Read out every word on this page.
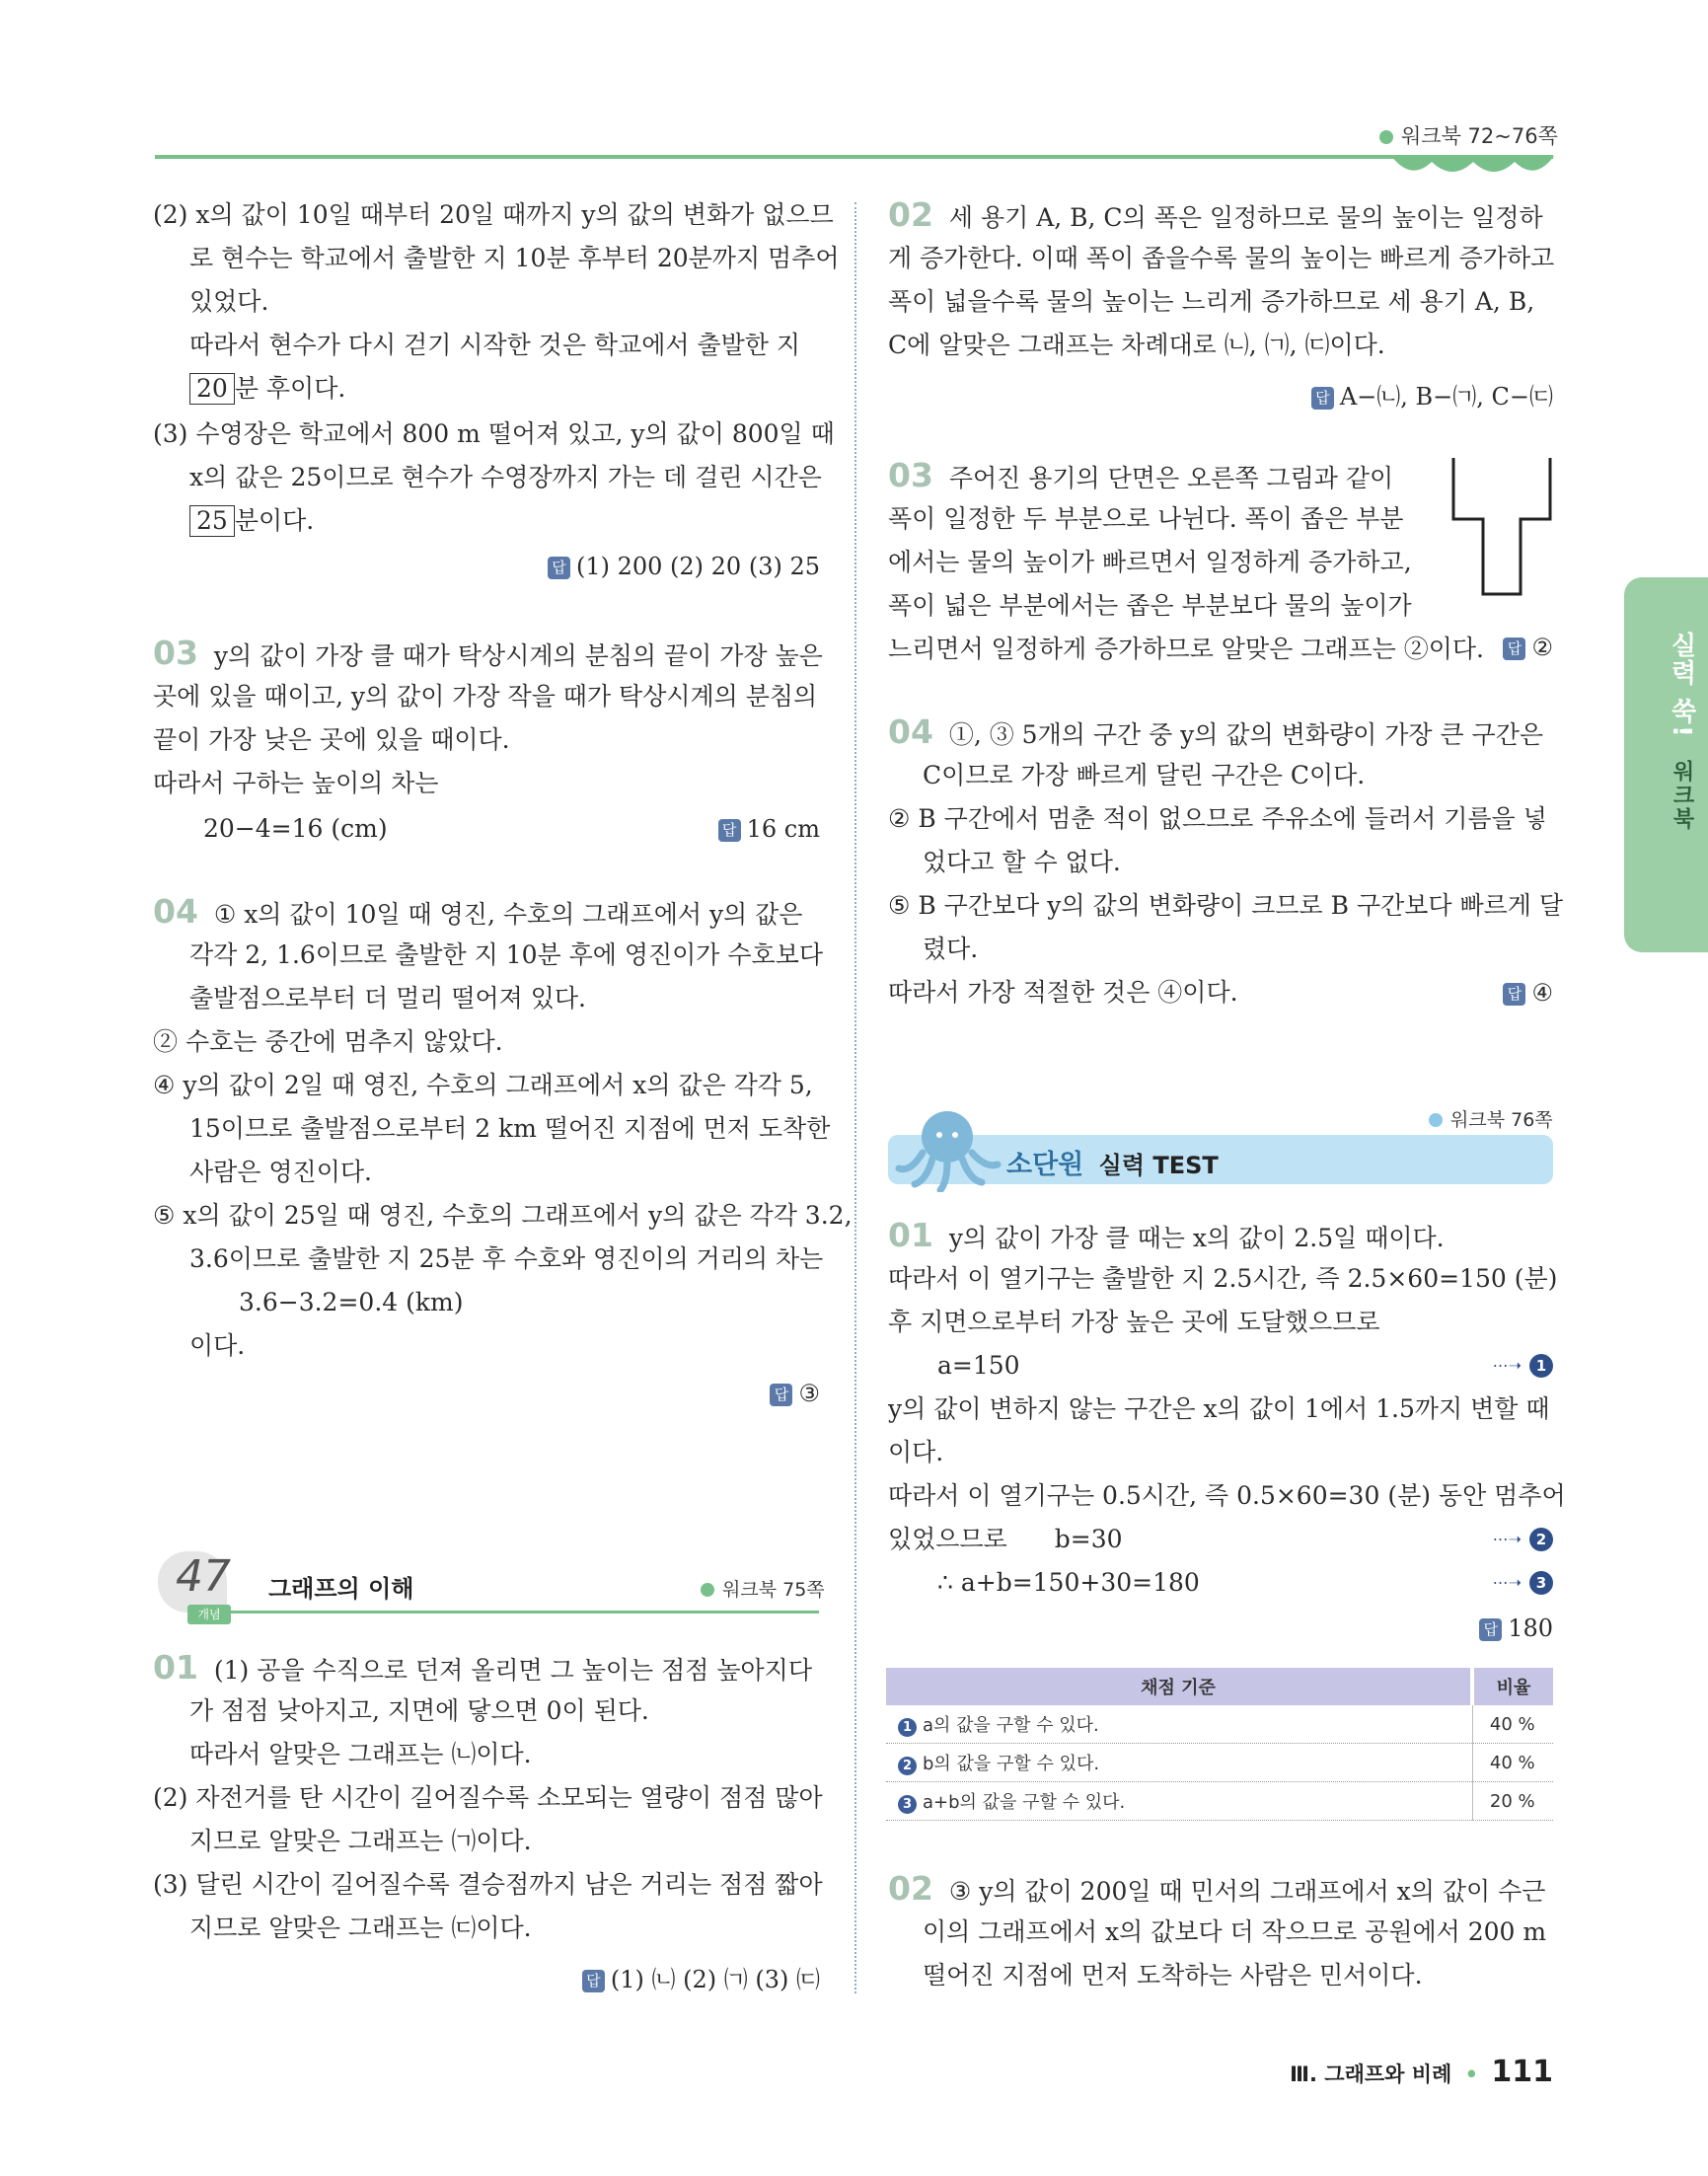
워크북 72~76쪽
실력 쑥! 워크북
(2) x의 값이 10일 때부터 20일 때까지 y의 값의 변화가 없으므
로 현수는 학교에서 출발한 지 10분 후부터 20분까지 멈추어
있었다.
따라서 현수가 다시 걷기 시작한 것은 학교에서 출발한 지
20 분 후이다.
(3) 수영장은 학교에서 800 m 떨어져 있고, y의 값이 800일 때
x의 값은 25이므로 현수가 수영장까지 가는 데 걸린 시간은
25 분이다.
답 (1) 200 (2) 20 (3) 25
03 y의 값이 가장 클 때가 탁상시계의 분침의 끝이 가장 높은
곳에 있을 때이고, y의 값이 가장 작을 때가 탁상시계의 분침의
끝이 가장 낮은 곳에 있을 때이다.
따라서 구하는 높이의 차는
20−4=16 (cm)	답 16 cm
04 ① x의 값이 10일 때 영진, 수호의 그래프에서 y의 값은
각각 2, 1.6이므로 출발한 지 10분 후에 영진이가 수호보다
출발점으로부터 더 멀리 떨어져 있다.
② 수호는 중간에 멈추지 않았다.
④ y의 값이 2일 때 영진, 수호의 그래프에서 x의 값은 각각 5,
15이므로 출발점으로부터 2 km 떨어진 지점에 먼저 도착한
사람은 영진이다.
⑤ x의 값이 25일 때 영진, 수호의 그래프에서 y의 값은 각각 3.2,
3.6이므로 출발한 지 25분 후 수호와 영진이의 거리의 차는
3.6−3.2=0.4 (km)
이다.
답 ③
47
개념
그래프의 이해	워크북 75쪽
01 (1) 공을 수직으로 던져 올리면 그 높이는 점점 높아지다
가 점점 낮아지고, 지면에 닿으면 0이 된다.
따라서 알맞은 그래프는 ㈁이다.
(2) 자전거를 탄 시간이 길어질수록 소모되는 열량이 점점 많아
지므로 알맞은 그래프는 ㈀이다.
(3) 달린 시간이 길어질수록 결승점까지 남은 거리는 점점 짧아
지므로 알맞은 그래프는 ㈂이다.
답 (1) ㈁ (2) ㈀ (3) ㈂
02 세 용기 A, B, C의 폭은 일정하므로 물의 높이는 일정하
게 증가한다. 이때 폭이 좁을수록 물의 높이는 빠르게 증가하고
폭이 넓을수록 물의 높이는 느리게 증가하므로 세 용기 A, B,
C에 알맞은 그래프는 차례대로 ㈁, ㈀, ㈂이다.
답 A−㈁, B−㈀, C−㈂
03 주어진 용기의 단면은 오른쪽 그림과 같이
폭이 일정한 두 부분으로 나뉜다. 폭이 좁은 부분
에서는 물의 높이가 빠르면서 일정하게 증가하고,
폭이 넓은 부분에서는 좁은 부분보다 물의 높이가
느리면서 일정하게 증가하므로 알맞은 그래프는 ②이다. 답 ②
04 ①, ③ 5개의 구간 중 y의 값의 변화량이 가장 큰 구간은
C이므로 가장 빠르게 달린 구간은 C이다.
② B 구간에서 멈춘 적이 없으므로 주유소에 들러서 기름을 넣
었다고 할 수 없다.
⑤ B 구간보다 y의 값의 변화량이 크므로 B 구간보다 빠르게 달
렸다.
따라서 가장 적절한 것은 ④이다.	답 ④
워크북 76쪽
소단원 실력 TEST
01 y의 값이 가장 클 때는 x의 값이 2.5일 때이다.
따라서 이 열기구는 출발한 지 2.5시간, 즉 2.5×60=150 (분)
후 지면으로부터 가장 높은 곳에 도달했으므로
a=150	⋯➝ 1
y의 값이 변하지 않는 구간은 x의 값이 1에서 1.5까지 변할 때
이다.
따라서 이 열기구는 0.5시간, 즉 0.5×60=30 (분) 동안 멈추어
있었으므로 b=30	⋯➝ 2
∴ a+b=150+30=180	⋯➝ 3
답 180
채점 기준	비율
1 a의 값을 구할 수 있다.	40 %
2 b의 값을 구할 수 있다.	40 %
3 a+b의 값을 구할 수 있다.	20 %
02 ③ y의 값이 200일 때 민서의 그래프에서 x의 값이 수근
이의 그래프에서 x의 값보다 더 작으므로 공원에서 200 m
떨어진 지점에 먼저 도착하는 사람은 민서이다.
Ⅲ. 그래프와 비례 • 111
